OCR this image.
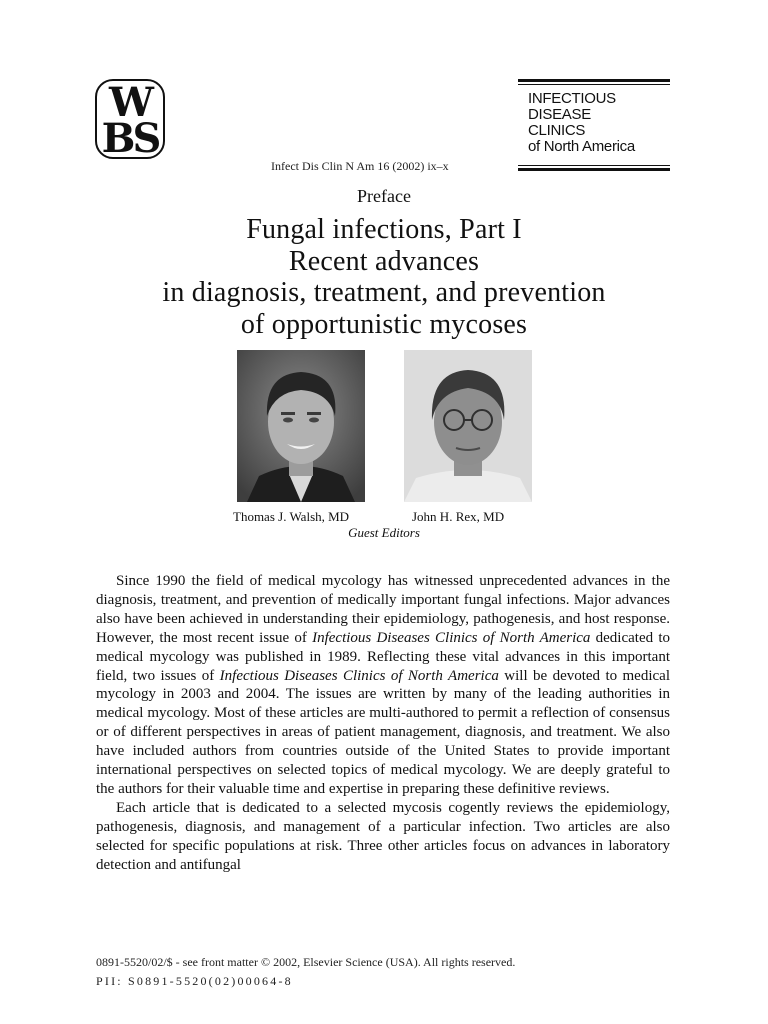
W
BS
INFECTIOUS
DISEASE
CLINICS
of North America
Infect Dis Clin N Am 16 (2002) ix–x
Preface
Fungal infections, Part I
Recent advances
in diagnosis, treatment, and prevention
of opportunistic mycoses
Thomas J. Walsh, MD	John H. Rex, MD
Guest Editors

Since 1990 the field of medical mycology has witnessed unprecedented advances in the diagnosis, treatment, and prevention of medically important fungal infections. Major advances also have been achieved in understanding their epidemiology, pathogenesis, and host response. However, the most recent issue of Infectious Diseases Clinics of North America dedicated to medical mycology was published in 1989. Reflecting these vital advances in this important field, two issues of Infectious Diseases Clinics of North America will be devoted to medical mycology in 2003 and 2004. The issues are written by many of the leading authorities in medical mycology. Most of these articles are multi-authored to permit a reflection of consensus or of different perspectives in areas of patient management, diagnosis, and treatment. We also have included authors from countries outside of the United States to provide important international perspectives on selected topics of medical mycology. We are deeply grateful to the authors for their valuable time and expertise in preparing these definitive reviews.

Each article that is dedicated to a selected mycosis cogently reviews the epidemiology, pathogenesis, diagnosis, and management of a particular infection. Two articles are also selected for specific populations at risk. Three other articles focus on advances in laboratory detection and antifungal

0891-5520/02/$ - see front matter © 2002, Elsevier Science (USA). All rights reserved.
PII: S0891-5520(02)00064-8
